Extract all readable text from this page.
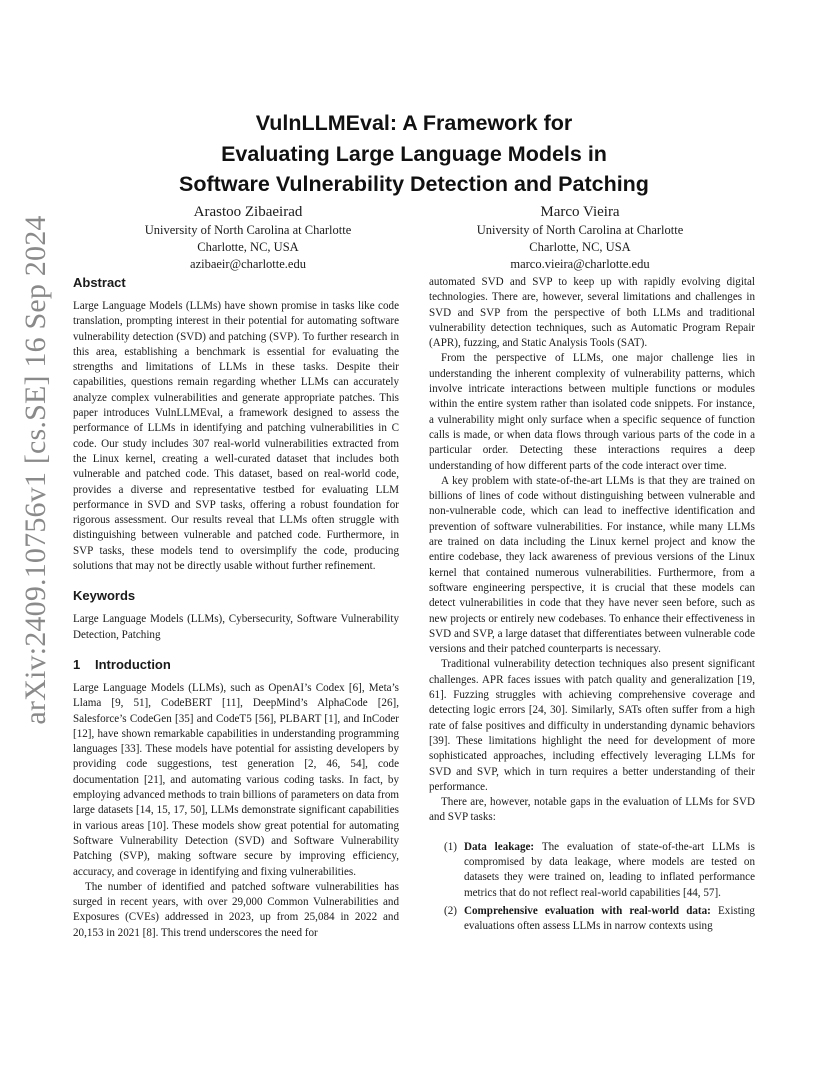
arXiv:2409.10756v1 [cs.SE] 16 Sep 2024
VulnLLMEval: A Framework for
Evaluating Large Language Models in
Software Vulnerability Detection and Patching
Arastoo Zibaeirad
University of North Carolina at Charlotte
Charlotte, NC, USA
azibaeir@charlotte.edu
Marco Vieira
University of North Carolina at Charlotte
Charlotte, NC, USA
marco.vieira@charlotte.edu
Abstract

Large Language Models (LLMs) have shown promise in tasks like code translation, prompting interest in their potential for automating software vulnerability detection (SVD) and patching (SVP). To further research in this area, establishing a benchmark is essential for evaluating the strengths and limitations of LLMs in these tasks. Despite their capabilities, questions remain regarding whether LLMs can accurately analyze complex vulnerabilities and generate appropriate patches. This paper introduces VulnLLMEval, a framework designed to assess the performance of LLMs in identifying and patching vulnerabilities in C code. Our study includes 307 real-world vulnerabilities extracted from the Linux kernel, creating a well-curated dataset that includes both vulnerable and patched code. This dataset, based on real-world code, provides a diverse and representative testbed for evaluating LLM performance in SVD and SVP tasks, offering a robust foundation for rigorous assessment. Our results reveal that LLMs often struggle with distinguishing between vulnerable and patched code. Furthermore, in SVP tasks, these models tend to oversimplify the code, producing solutions that may not be directly usable without further refinement.

Keywords

Large Language Models (LLMs), Cybersecurity, Software Vulnerability Detection, Patching

1 Introduction

Large Language Models (LLMs), such as OpenAI’s Codex [6], Meta’s Llama [9, 51], CodeBERT [11], DeepMind’s AlphaCode [26], Salesforce’s CodeGen [35] and CodeT5 [56], PLBART [1], and InCoder [12], have shown remarkable capabilities in understanding programming languages [33]. These models have potential for assisting developers by providing code suggestions, test generation [2, 46, 54], code documentation [21], and automating various coding tasks. In fact, by employing advanced methods to train billions of parameters on data from large datasets [14, 15, 17, 50], LLMs demonstrate significant capabilities in various areas [10]. These models show great potential for automating Software Vulnerability Detection (SVD) and Software Vulnerability Patching (SVP), making software secure by improving efficiency, accuracy, and coverage in identifying and fixing vulnerabilities.

The number of identified and patched software vulnerabilities has surged in recent years, with over 29,000 Common Vulnerabilities and Exposures (CVEs) addressed in 2023, up from 25,084 in 2022 and 20,153 in 2021 [8]. This trend underscores the need for

automated SVD and SVP to keep up with rapidly evolving digital technologies. There are, however, several limitations and challenges in SVD and SVP from the perspective of both LLMs and traditional vulnerability detection techniques, such as Automatic Program Repair (APR), fuzzing, and Static Analysis Tools (SAT).

From the perspective of LLMs, one major challenge lies in understanding the inherent complexity of vulnerability patterns, which involve intricate interactions between multiple functions or modules within the entire system rather than isolated code snippets. For instance, a vulnerability might only surface when a specific sequence of function calls is made, or when data flows through various parts of the code in a particular order. Detecting these interactions requires a deep understanding of how different parts of the code interact over time.

A key problem with state-of-the-art LLMs is that they are trained on billions of lines of code without distinguishing between vulnerable and non-vulnerable code, which can lead to ineffective identification and prevention of software vulnerabilities. For instance, while many LLMs are trained on data including the Linux kernel project and know the entire codebase, they lack awareness of previous versions of the Linux kernel that contained numerous vulnerabilities. Furthermore, from a software engineering perspective, it is crucial that these models can detect vulnerabilities in code that they have never seen before, such as new projects or entirely new codebases. To enhance their effectiveness in SVD and SVP, a large dataset that differentiates between vulnerable code versions and their patched counterparts is necessary.

Traditional vulnerability detection techniques also present significant challenges. APR faces issues with patch quality and generalization [19, 61]. Fuzzing struggles with achieving comprehensive coverage and detecting logic errors [24, 30]. Similarly, SATs often suffer from a high rate of false positives and difficulty in understanding dynamic behaviors [39]. These limitations highlight the need for development of more sophisticated approaches, including effectively leveraging LLMs for SVD and SVP, which in turn requires a better understanding of their performance.

There are, however, notable gaps in the evaluation of LLMs for SVD and SVP tasks:

(1) Data leakage: The evaluation of state-of-the-art LLMs is compromised by data leakage, where models are tested on datasets they were trained on, leading to inflated performance metrics that do not reflect real-world capabilities [44, 57].
(2) Comprehensive evaluation with real-world data: Existing evaluations often assess LLMs in narrow contexts using
